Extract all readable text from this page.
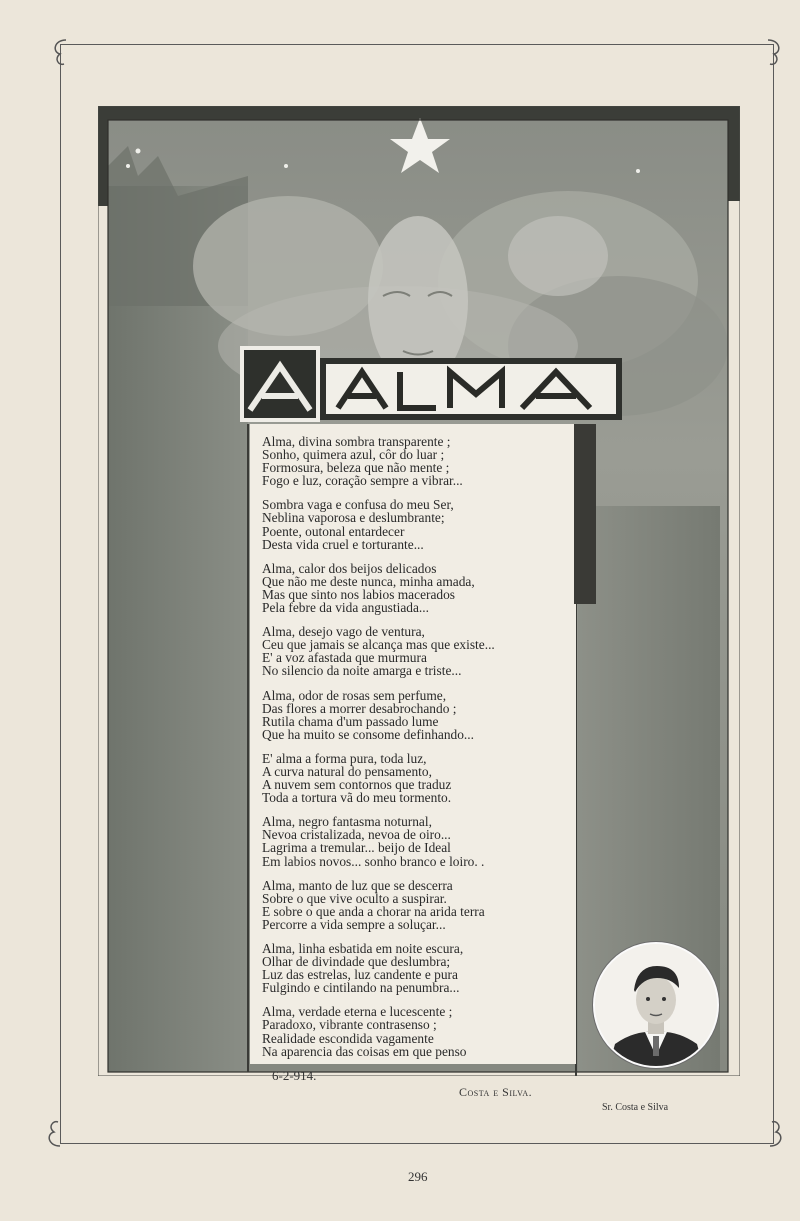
Alma, divina sombra transparente ;
Sonho, quimera azul, côr do luar ;
Formosura, beleza que não mente ;
Fogo e luz, coração sempre a vibrar...
Sombra vaga e confusa do meu Ser,
Neblina vaporosa e deslumbrante;
Poente, outonal entardecer
Desta vida cruel e torturante...
Alma, calor dos beijos delicados
Que não me deste nunca, minha amada,
Mas que sinto nos labios macerados
Pela febre da vida angustiada...
Alma, desejo vago de ventura,
Ceu que jamais se alcança mas que existe...
E' a voz afastada que murmura
No silencio da noite amarga e triste...
Alma, odor de rosas sem perfume,
Das flores a morrer desabrochando ;
Rutila chama d'um passado lume
Que ha muito se consome definhando...
E' alma a forma pura, toda luz,
A curva natural do pensamento,
A nuvem sem contornos que traduz
Toda a tortura vã do meu tormento.
Alma, negro fantasma noturnal,
Nevoa cristalizada, nevoa de oiro...
Lagrima a tremular... beijo de Ideal
Em labios novos... sonho branco e loiro. .
Alma, manto de luz que se descerra
Sobre o que vive oculto a suspirar.
E sobre o que anda a chorar na arida terra
Percorre a vida sempre a soluçar...
Alma, linha esbatida em noite escura,
Olhar de divindade que deslumbra;
Luz das estrelas, luz candente e pura
Fulgindo e cintilando na penumbra...
Alma, verdade eterna e lucescente ;
Paradoxo, vibrante contrasenso ;
Realidade escondida vagamente
Na aparencia das coisas em que penso
6-2-914.
Costa e Silva.
Sr. Costa e Silva
296
